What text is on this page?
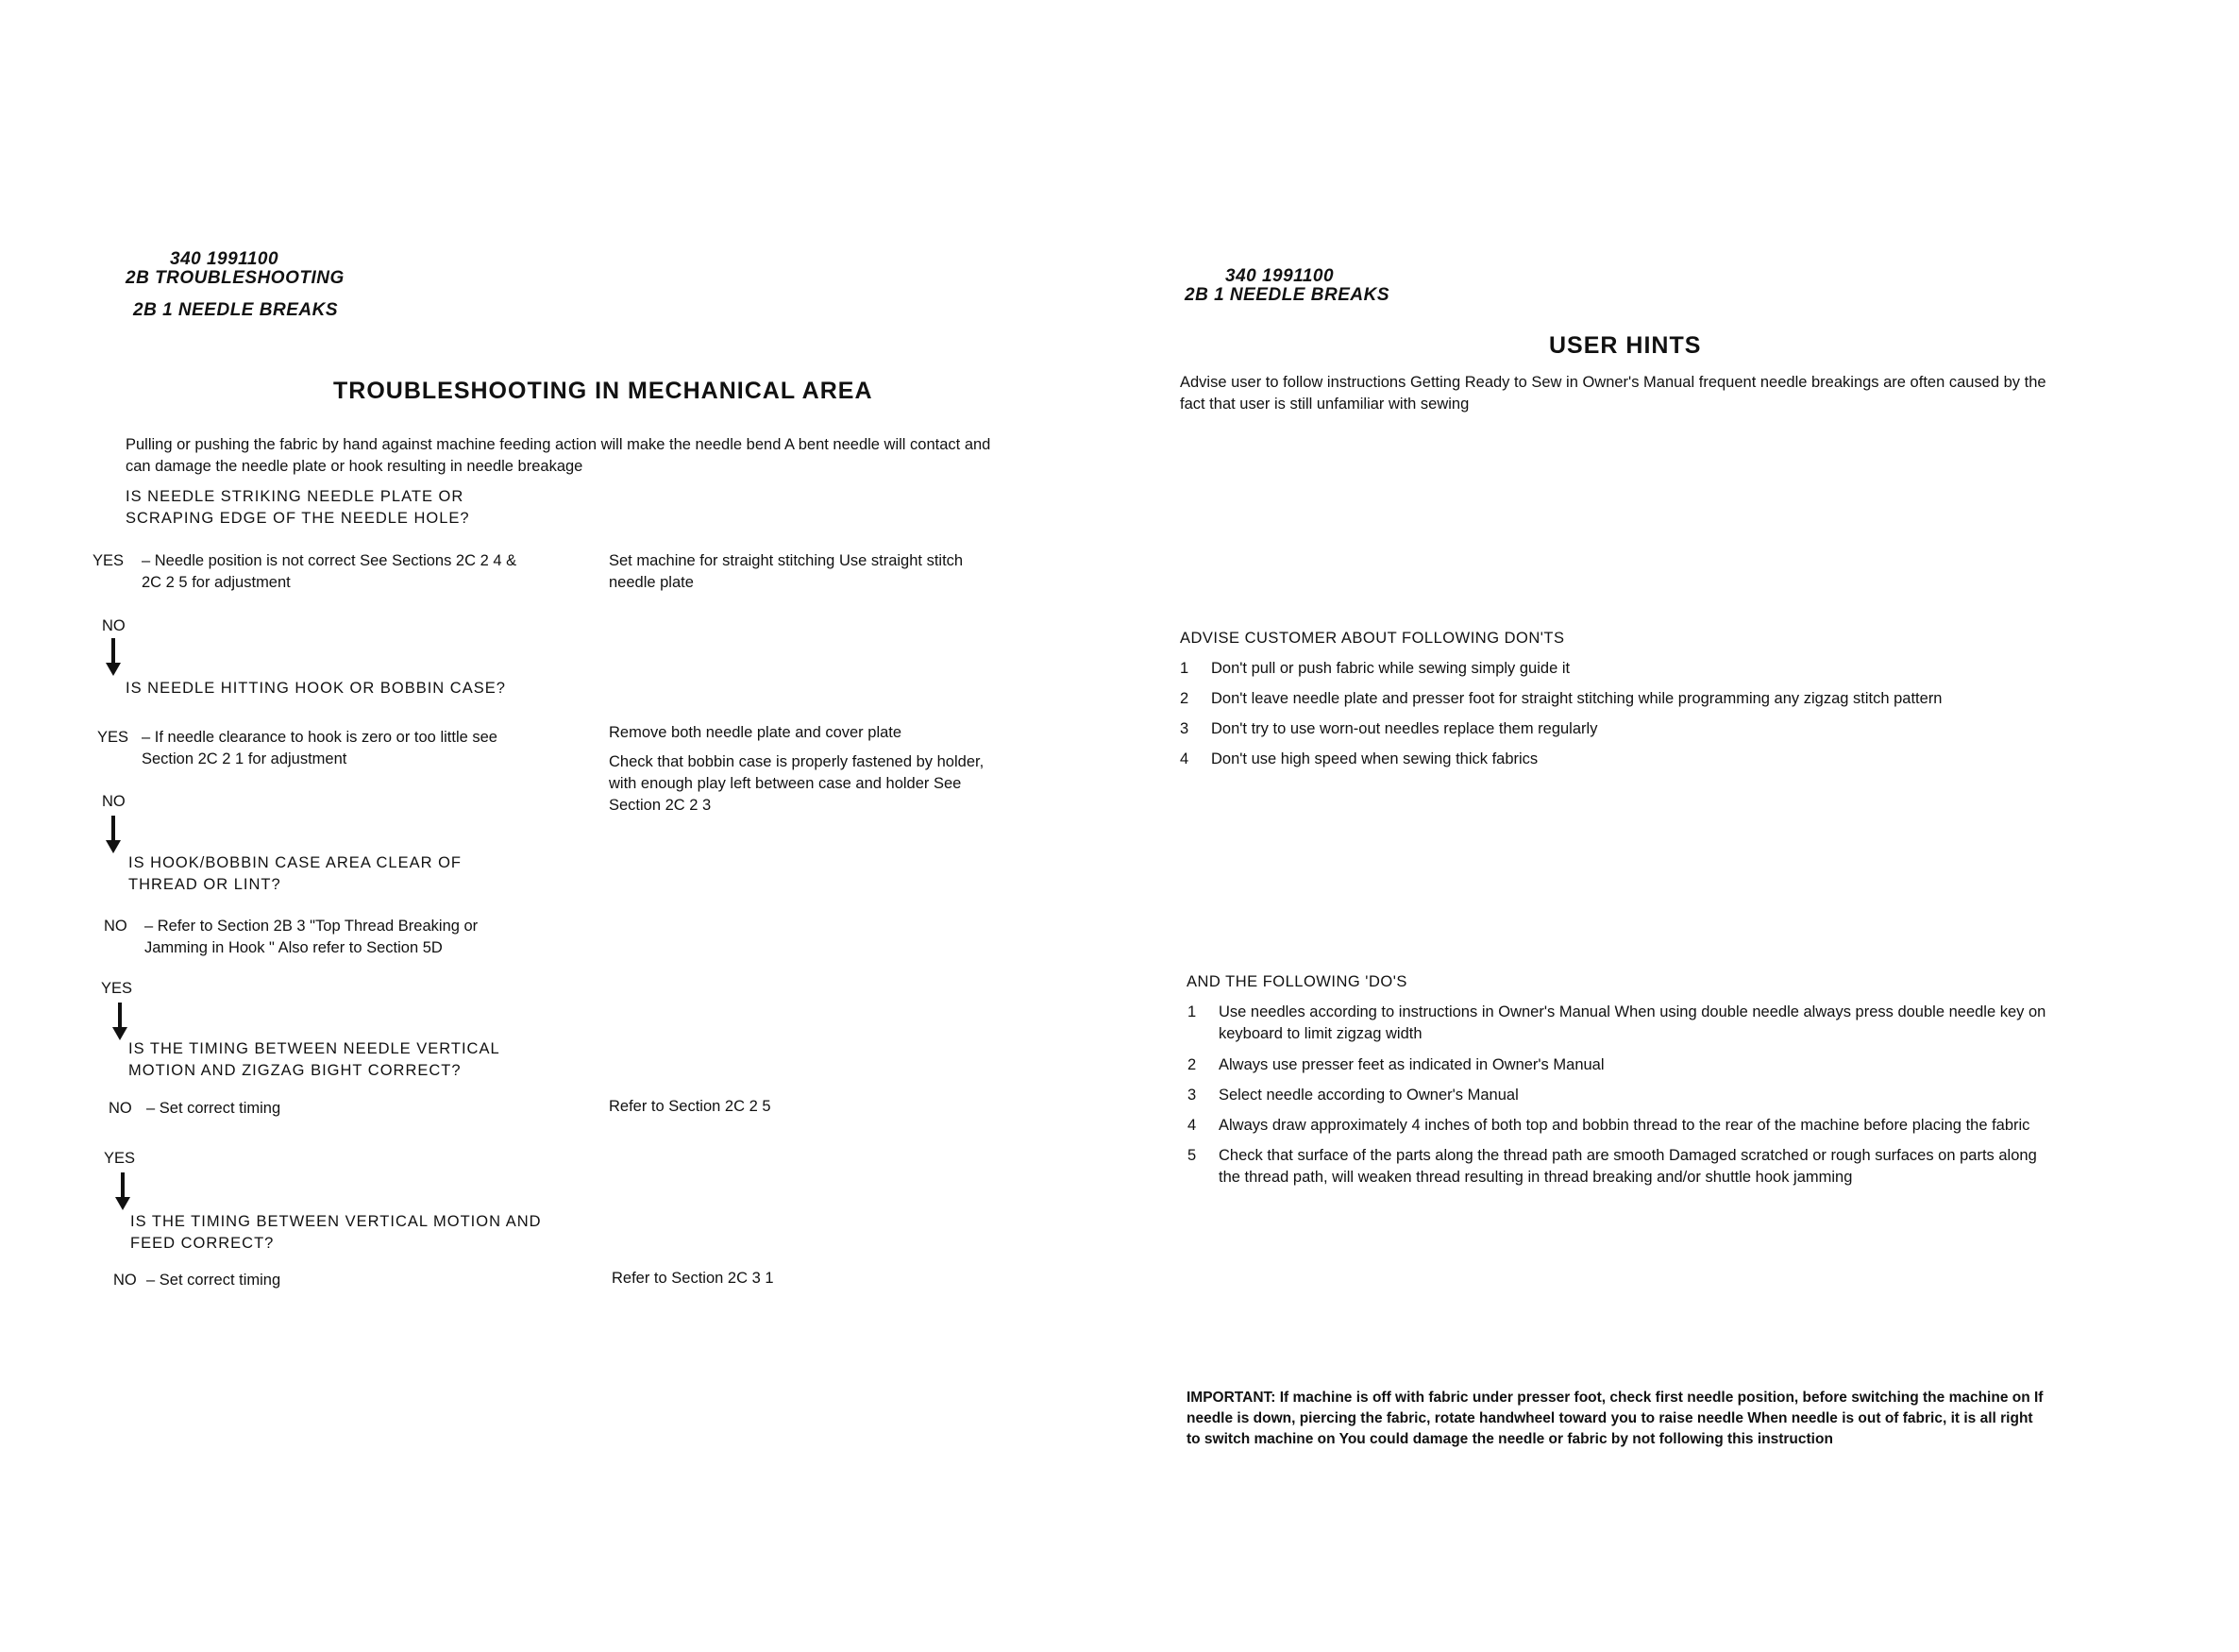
340 1991100
2B TROUBLESHOOTING
2B 1 NEEDLE BREAKS
TROUBLESHOOTING IN MECHANICAL AREA
Pulling or pushing the fabric by hand against machine feeding action will make the needle bend A bent needle will contact and can damage the needle plate or hook resulting in needle breakage
IS NEEDLE STRIKING NEEDLE PLATE OR SCRAPING EDGE OF THE NEEDLE HOLE?
YES – Needle position is not correct See Sections 2C 2 4 & 2C 2 5 for adjustment
Set machine for straight stitching Use straight stitch needle plate
NO
IS NEEDLE HITTING HOOK OR BOBBIN CASE?
YES – If needle clearance to hook is zero or too little see Section 2C 2 1 for adjustment
Remove both needle plate and cover plate
Check that bobbin case is properly fastened by holder, with enough play left between case and holder See Section 2C 2 3
NO
IS HOOK/BOBBIN CASE AREA CLEAR OF THREAD OR LINT?
NO – Refer to Section 2B 3 "Top Thread Breaking or Jamming in Hook " Also refer to Section 5D
YES
IS THE TIMING BETWEEN NEEDLE VERTICAL MOTION AND ZIGZAG BIGHT CORRECT?
NO – Set correct timing	Refer to Section 2C 2 5
YES
IS THE TIMING BETWEEN VERTICAL MOTION AND FEED CORRECT?
NO – Set correct timing	Refer to Section 2C 3 1
340 1991100
2B 1 NEEDLE BREAKS
USER HINTS
Advise user to follow instructions Getting Ready to Sew in Owner's Manual frequent needle breakings are often caused by the fact that user is still unfamiliar with sewing
ADVISE CUSTOMER ABOUT FOLLOWING DON'TS
1	Don't pull or push fabric while sewing simply guide it
2	Don't leave needle plate and presser foot for straight stitching while programming any zigzag stitch pattern
3	Don't try to use worn-out needles replace them regularly
4	Don't use high speed when sewing thick fabrics
AND THE FOLLOWING 'DO'S
1	Use needles according to instructions in Owner's Manual When using double needle always press double needle key on keyboard to limit zigzag width
2	Always use presser feet as indicated in Owner's Manual
3	Select needle according to Owner's Manual
4	Always draw approximately 4 inches of both top and bobbin thread to the rear of the machine before placing the fabric
5	Check that surface of the parts along the thread path are smooth Damaged scratched or rough surfaces on parts along the thread path, will weaken thread resulting in thread breaking and/or shuttle hook jamming
IMPORTANT: If machine is off with fabric under presser foot, check first needle position, before switching the machine on If needle is down, piercing the fabric, rotate handwheel toward you to raise needle When needle is out of fabric, it is all right to switch machine on You could damage the needle or fabric by not following this instruction
